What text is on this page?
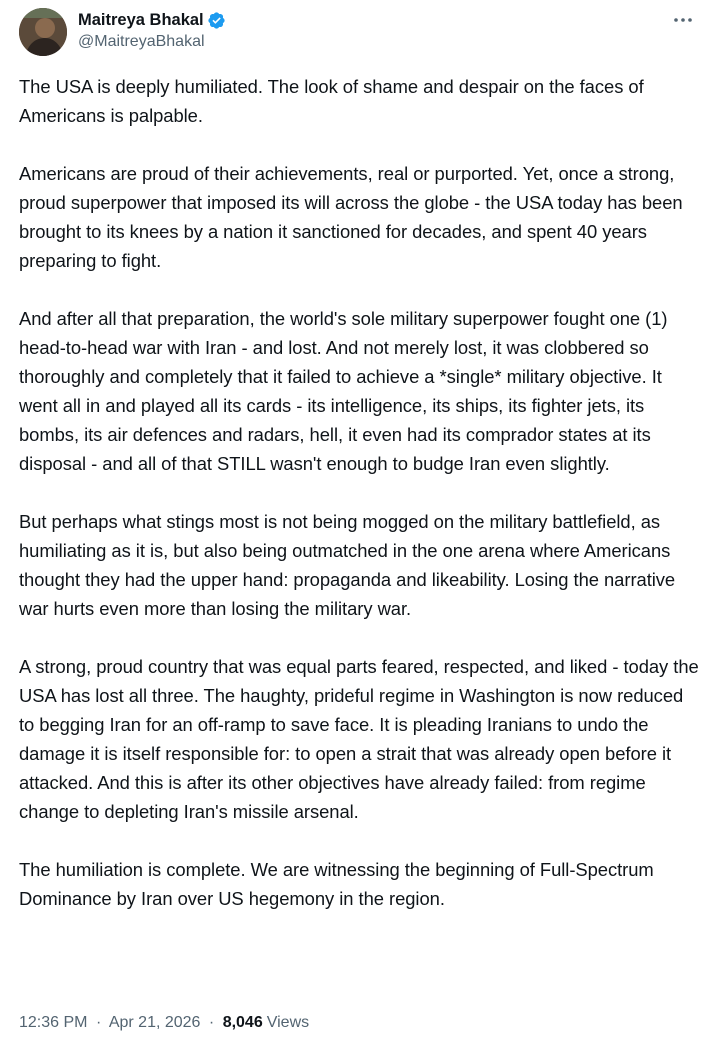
Maitreya Bhakal
@MaitreyaBhakal

The USA is deeply humiliated. The look of shame and despair on the faces of Americans is palpable.

Americans are proud of their achievements, real or purported. Yet, once a strong, proud superpower that imposed its will across the globe - the USA today has been brought to its knees by a nation it sanctioned for decades, and spent 40 years preparing to fight.

And after all that preparation, the world's sole military superpower fought one (1) head-to-head war with Iran - and lost. And not merely lost, it was clobbered so thoroughly and completely that it failed to achieve a *single* military objective. It went all in and played all its cards - its intelligence, its ships, its fighter jets, its bombs, its air defences and radars, hell, it even had its comprador states at its disposal - and all of that STILL wasn't enough to budge Iran even slightly.

But perhaps what stings most is not being mogged on the military battlefield, as humiliating as it is, but also being outmatched in the one arena where Americans thought they had the upper hand: propaganda and likeability. Losing the narrative war hurts even more than losing the military war.

A strong, proud country that was equal parts feared, respected, and liked - today the USA has lost all three. The haughty, prideful regime in Washington is now reduced to begging Iran for an off-ramp to save face. It is pleading Iranians to undo the damage it is itself responsible for: to open a strait that was already open before it attacked. And this is after its other objectives have already failed: from regime change to depleting Iran's missile arsenal.

The humiliation is complete. We are witnessing the beginning of Full-Spectrum Dominance by Iran over US hegemony in the region.

12:36 PM · Apr 21, 2026 · 8,046 Views
